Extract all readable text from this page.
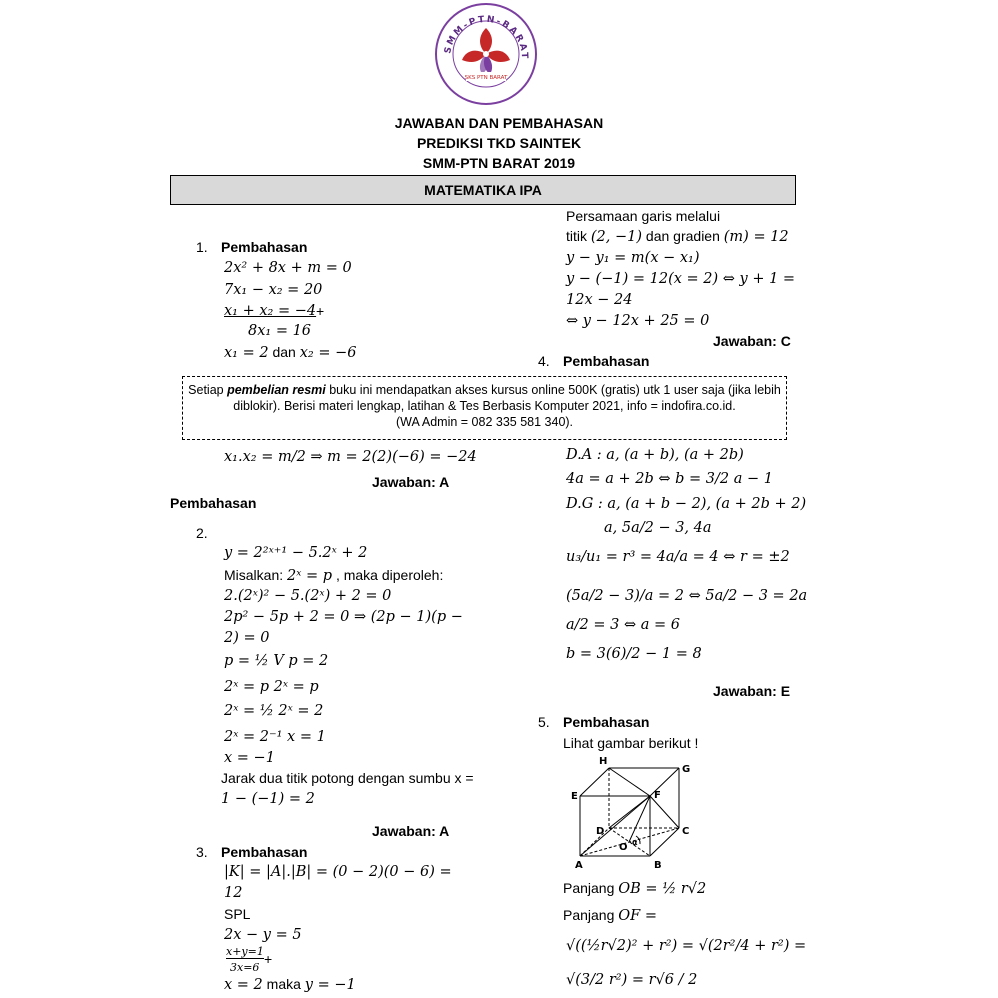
SMM-PTN-BARAT
SKS PTN BARAT
JAWABAN DAN PEMBAHASAN
PREDIKSI TKD SAINTEK
SMM-PTN BARAT 2019
MATEMATIKA IPA
1. Pembahasan
2x² + 8x + m = 0
7x₁ − x₂ = 20
x₁ + x₂ = −4 +
8x₁ = 16
x₁ = 2 dan x₂ = −6
Setiap pembelian resmi buku ini mendapatkan akses kursus online 500K (gratis) utk 1 user saja (jika lebih
diblokir). Berisi materi lengkap, latihan & Tes Berbasis Komputer 2021, info = indofira.co.id.
(WA Admin = 082 335 581 340).
x₁.x₂ = m/2 ⇒ m = 2(2)(−6) = −24
Jawaban: A
Pembahasan
2.
y = 2²ˣ⁺¹ − 5.2ˣ + 2
Misalkan: 2ˣ = p , maka diperoleh:
2.(2ˣ)² − 5.(2ˣ) + 2 = 0
2p² − 5p + 2 = 0 ⇒ (2p − 1)(p −
2) = 0
p = ½ V p = 2
2ˣ = p 2ˣ = p
2ˣ = ½ 2ˣ = 2
2ˣ = 2⁻¹ x = 1
x = −1
Jarak dua titik potong dengan sumbu x =
1 − (−1) = 2
Jawaban: A
3. Pembahasan
|K| = |A|.|B| = (0 − 2)(0 − 6) =
12
SPL
2x − y = 5
x+y=1 +
3x=6
x = 2 maka y = −1
Persamaan garis melalui
titik (2, −1) dan gradien (m) = 12
y − y₁ = m(x − x₁)
y − (−1) = 12(x = 2) ⇔ y + 1 =
12x − 24
⇔ y − 12x + 25 = 0
Jawaban: C
4. Pembahasan
D.A : a, (a + b), (a + 2b)
4a = a + 2b ⇔ b = 3/2 a − 1
D.G : a, (a + b − 2), (a + 2b + 2)
a, 5a/2 − 3, 4a
u₃/u₁ = r³ = 4a/a = 4 ⇔ r = ±2
(5a/2 − 3)/a = 2 ⇔ 5a/2 − 3 = 2a
a/2 = 3 ⇔ a = 6
b = 3(6)/2 − 1 = 8
Jawaban: E
5. Pembahasan
Lihat gambar berikut !
H
G
E	F
D	C
O α
A	B
Panjang OB = ½ r√2
Panjang OF =
√((½r√2)² + r²) = √(2r²/4 + r²) =
√(3/2 r²) = r√6 / 2
